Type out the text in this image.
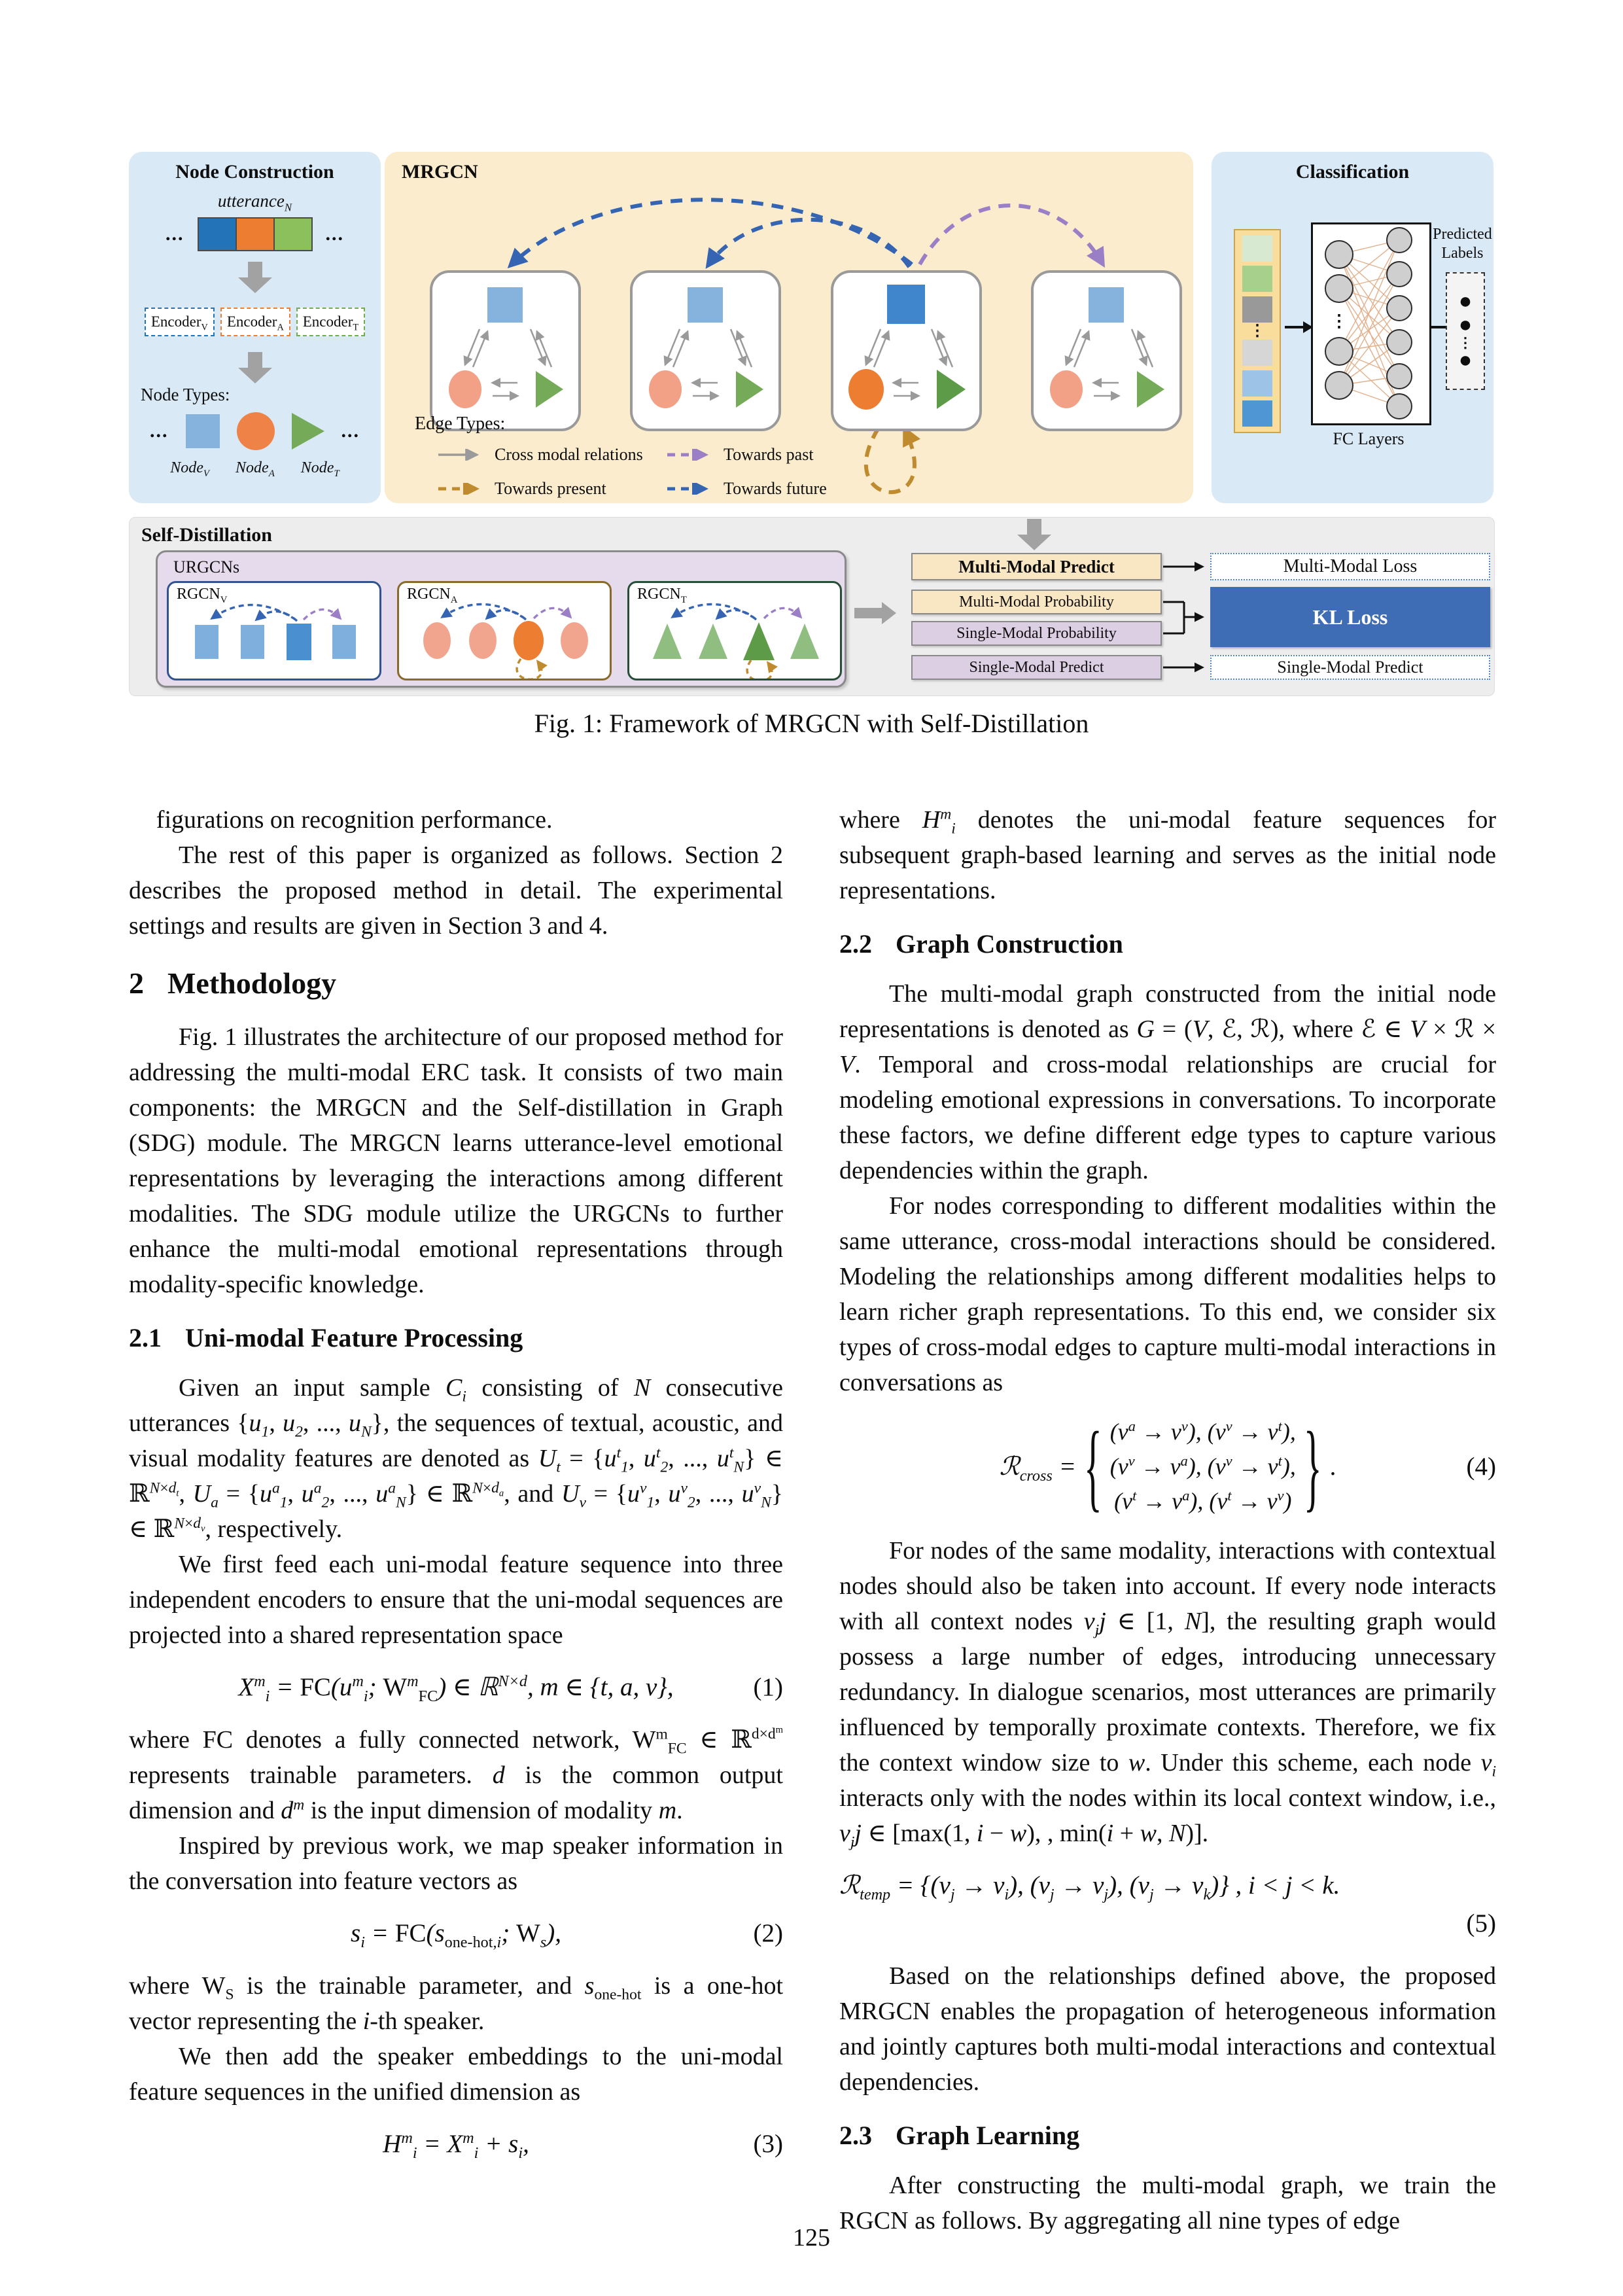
Node Construction
utterance$_N$
...	...
Encoder$_V$	Encoder$_A$	Encoder$_T$
Node Types:
...	...
Node$_V$ Node$_A$ Node$_T$
MRGCN
Edge Types:
Cross modal relations	Towards past
Towards present	Towards future
Classification
⋮
⋮
FC Layers
Predicted Labels
●
●
⋮
●
Self-Distillation
URGCNs
$RGCN_V$	$RGCN_A$	$RGCN_T$
Multi-Modal Predict
Multi-Modal Probability
Single-Modal Probability
Single-Modal Predict
Multi-Modal Loss
KL Loss
Single-Modal Predict
Fig. 1: Framework of MRGCN with Self-Distillation

figurations on recognition performance.

The rest of this paper is organized as follows. Section 2 describes the proposed method in detail. The experimental settings and results are given in Section 3 and 4.

2 Methodology

Fig. 1 illustrates the architecture of our proposed method for addressing the multi-modal ERC task. It consists of two main components: the MRGCN and the Self-distillation in Graph (SDG) module. The MRGCN learns utterance-level emotional representations by leveraging the interactions among different modalities. The SDG module utilize the URGCNs to further enhance the multi-modal emotional representations through modality-specific knowledge.

2.1 Uni-modal Feature Processing

Given an input sample $C_i$ consisting of N consecutive utterances {$u_1$, $u_2$, ..., $u_N$}, the sequences of textual, acoustic, and visual modality features are denoted as $U_t = \{u^t_1$, $u^t_2$, ..., $u^t_N$} ∈ ℝ$^{N\times d_t}$, $U_a = \{u^a_1$, $u^a_2$, ..., $u^a_N$} ∈ ℝ$^{N\times d_a}$, and $U_v = \{u^v_1$, $u^v_2$, ..., $u^v_N$} ∈ ℝ$^{N\times d_v}$, respectively.

We first feed each uni-modal feature sequence into three independent encoders to ensure that the uni-modal sequences are projected into a shared representation space

$X^m_i = FC(u^m_i$; $W^m_{FC}$) ∈ ℝ$^{N\times d}$, m ∈ {t, a, v},	(1)

where FC denotes a fully connected network, $W^m_{FC}$ ∈ ℝ$^{d\times d^m}$ represents trainable parameters. d is the common output dimension and $d^m$ is the input dimension of modality m.

Inspired by previous work, we map speaker information in the conversation into feature vectors as

$s_i = FC(s_{one-hot,i}$; $W_s$),	(2)

where $W_S$ is the trainable parameter, and $s_{one-hot}$ is a one-hot vector representing the i-th speaker.

We then add the speaker embeddings to the uni-modal feature sequences in the unified dimension as

$H^m_i = X^m_i + s_i$,	(3)

where $H^m_i$ denotes the uni-modal feature sequences for subsequent graph-based learning and serves as the initial node representations.

2.2 Graph Construction

The multi-modal graph constructed from the initial node representations is denoted as G = (V, ℰ, ℛ), where ℰ ∈ V × ℛ × V. Temporal and cross-modal relationships are crucial for modeling emotional expressions in conversations. To incorporate these factors, we define different edge types to capture various dependencies within the graph.

For nodes corresponding to different modalities within the same utterance, cross-modal interactions should be considered. Modeling the relationships among different modalities helps to learn richer graph representations. To this end, we consider six types of cross-modal edges to capture multi-modal interactions in conversations as

ℛ$_{cross}$ = { $(v^a \to v^v)$, $(v^v \to v^t)$,
$(v^v \to v^a)$, $(v^v \to v^t)$,
$(v^t \to v^a)$, $(v^t \to v^v)$ } .	(4)

For nodes of the same modality, interactions with contextual nodes should also be taken into account. If every node interacts with all context nodes $v_jj$ ∈ [1, N], the resulting graph would possess a large number of edges, introducing unnecessary redundancy. In dialogue scenarios, most utterances are primarily influenced by temporally proximate contexts. Therefore, we fix the context window size to w. Under this scheme, each node $v_i$ interacts only with the nodes within its local context window, i.e., $v_jj$ ∈ [max(1, i − w), , min(i + w, N)].

ℛ$_{temp}$ = {$(v_j \to v_i)$, $(v_j \to v_j)$, $(v_j \to v_k)$} , i < j < k.
(5)

Based on the relationships defined above, the proposed MRGCN enables the propagation of heterogeneous information and jointly captures both multi-modal interactions and contextual dependencies.

2.3 Graph Learning

After constructing the multi-modal graph, we train the RGCN as follows. By aggregating all nine types of edge

125
